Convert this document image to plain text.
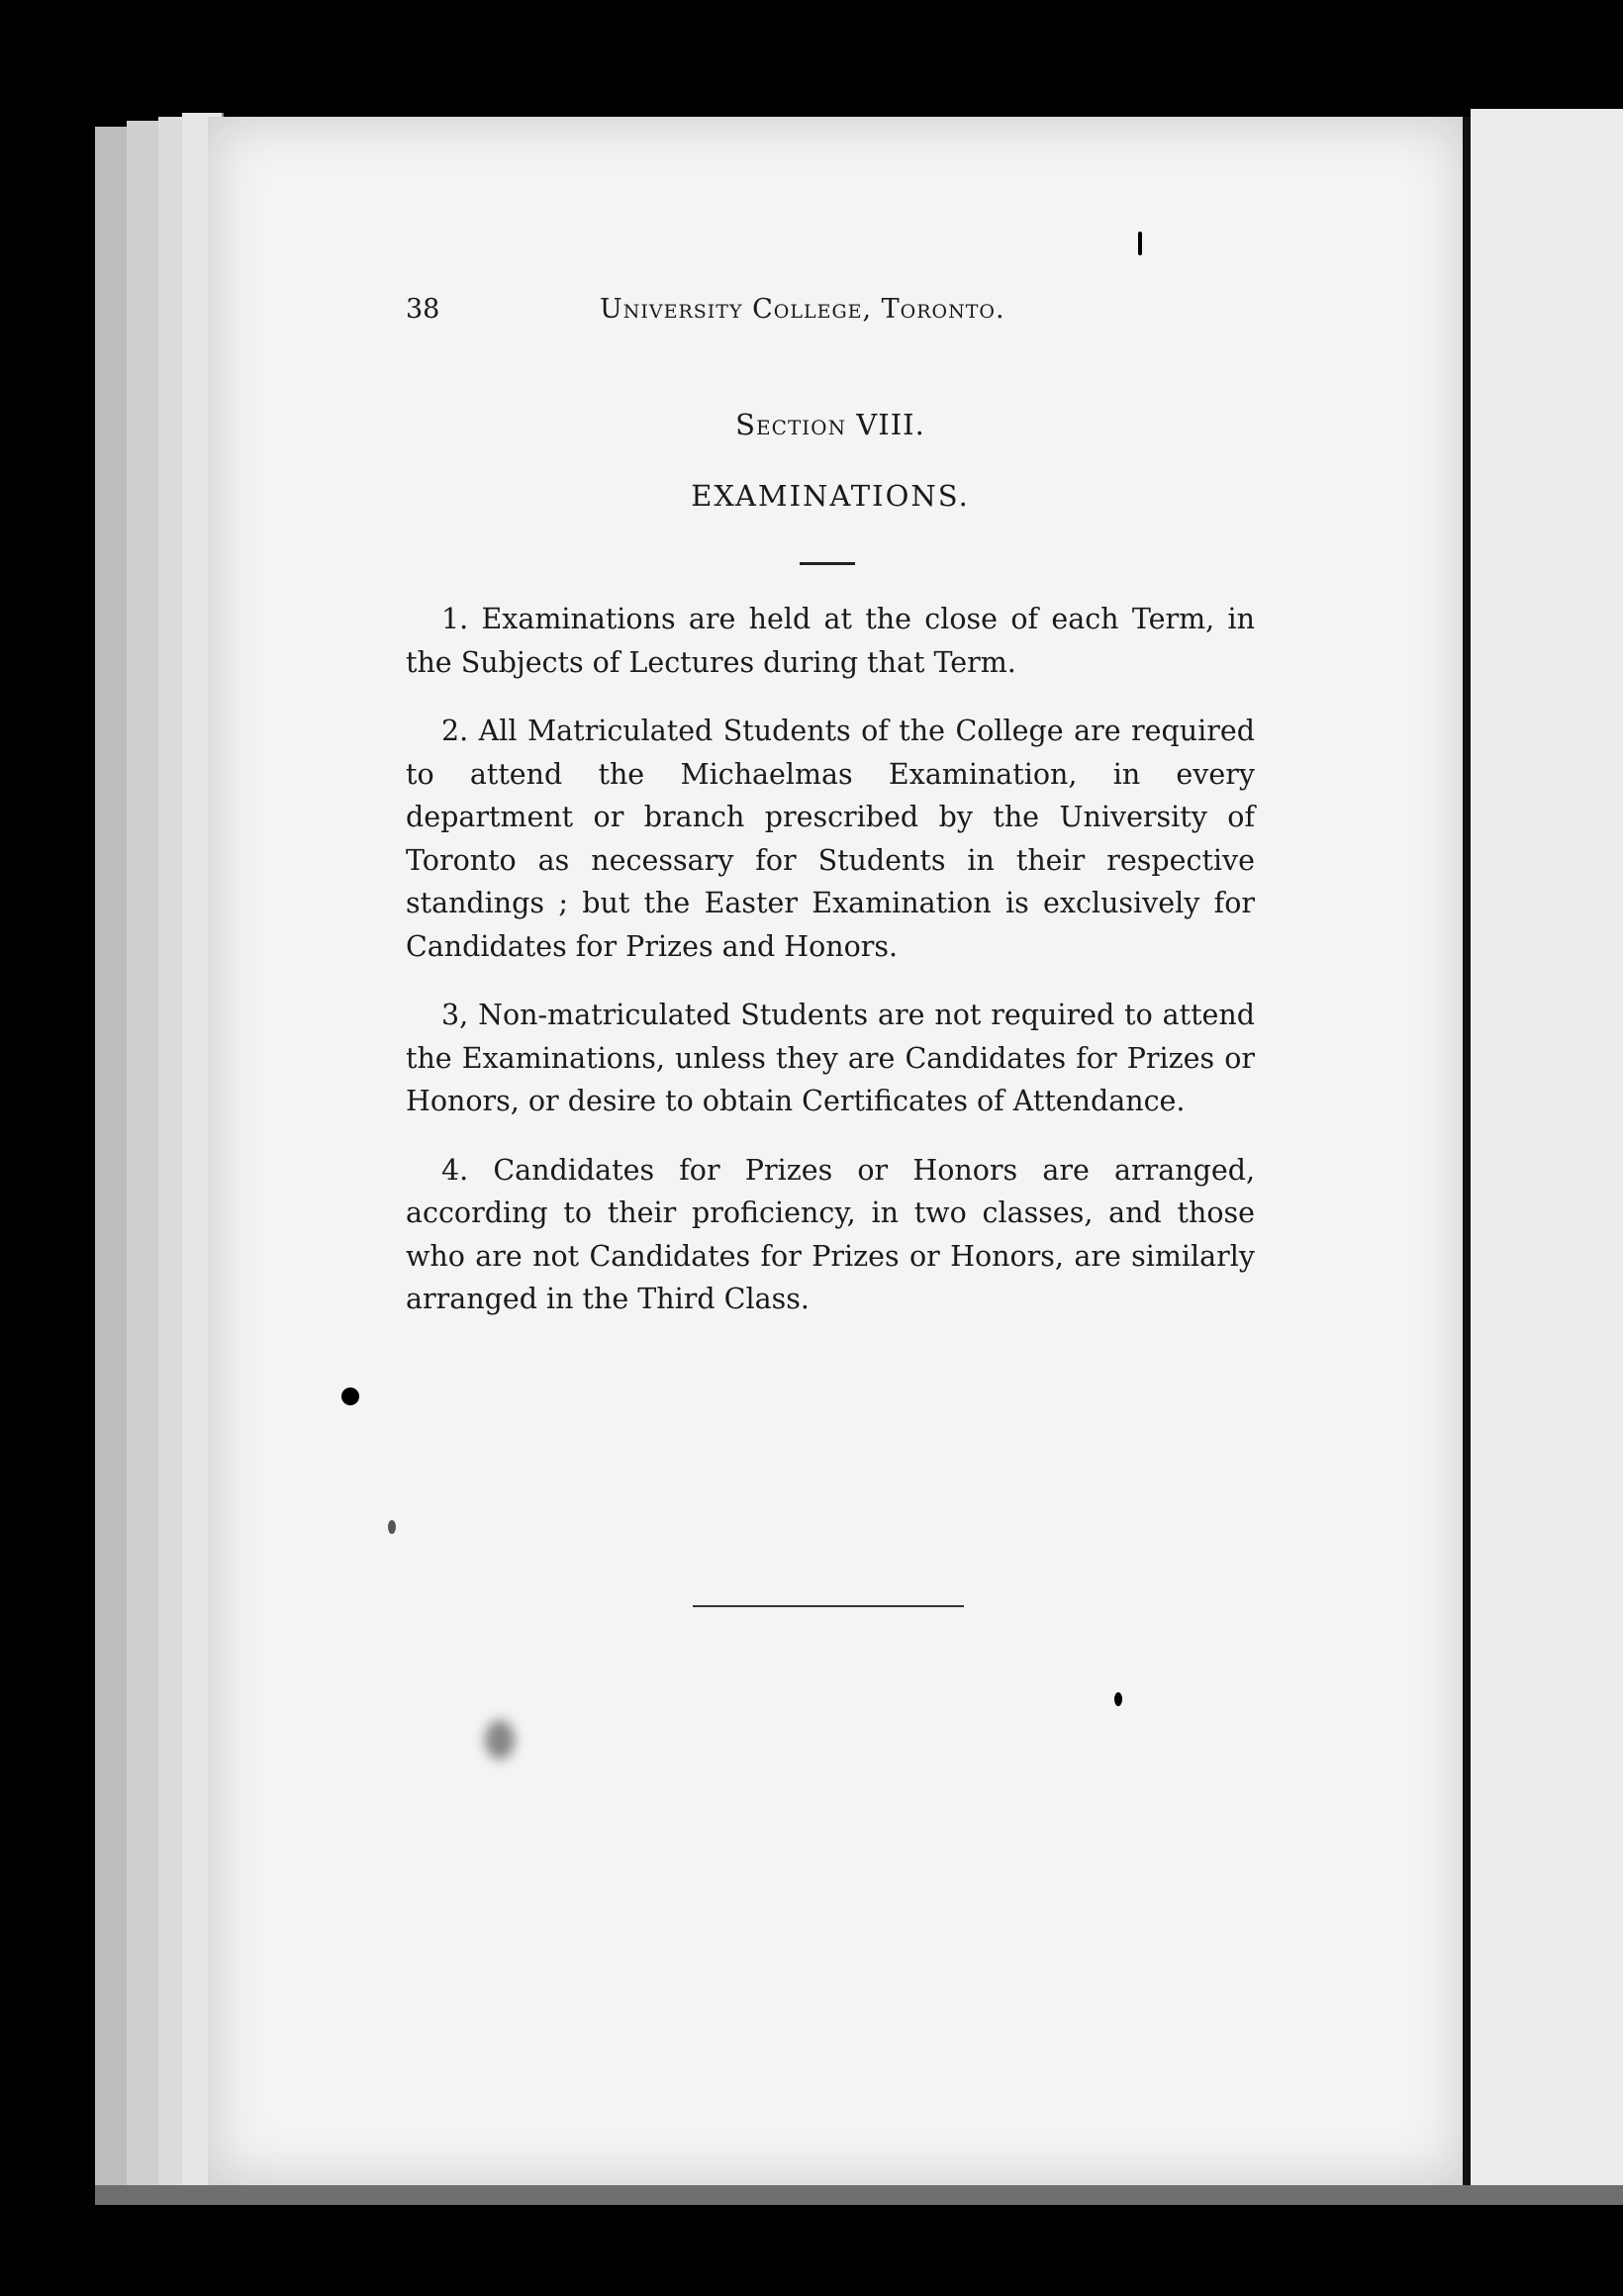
38	University College, Toronto.
Section VIII.
EXAMINATIONS.

1. Examinations are held at the close of each Term, in the Subjects of Lectures during that Term.

2. All Matriculated Students of the College are required to attend the Michaelmas Examination, in every department or branch prescribed by the University of Toronto as necessary for Students in their respective standings ; but the Easter Examination is exclusively for Candidates for Prizes and Honors.

3, Non-matriculated Students are not required to attend the Examinations, unless they are Candidates for Prizes or Honors, or desire to obtain Certificates of Attendance.

4. Candidates for Prizes or Honors are arranged, according to their proficiency, in two classes, and those who are not Candidates for Prizes or Honors, are similarly arranged in the Third Class.
